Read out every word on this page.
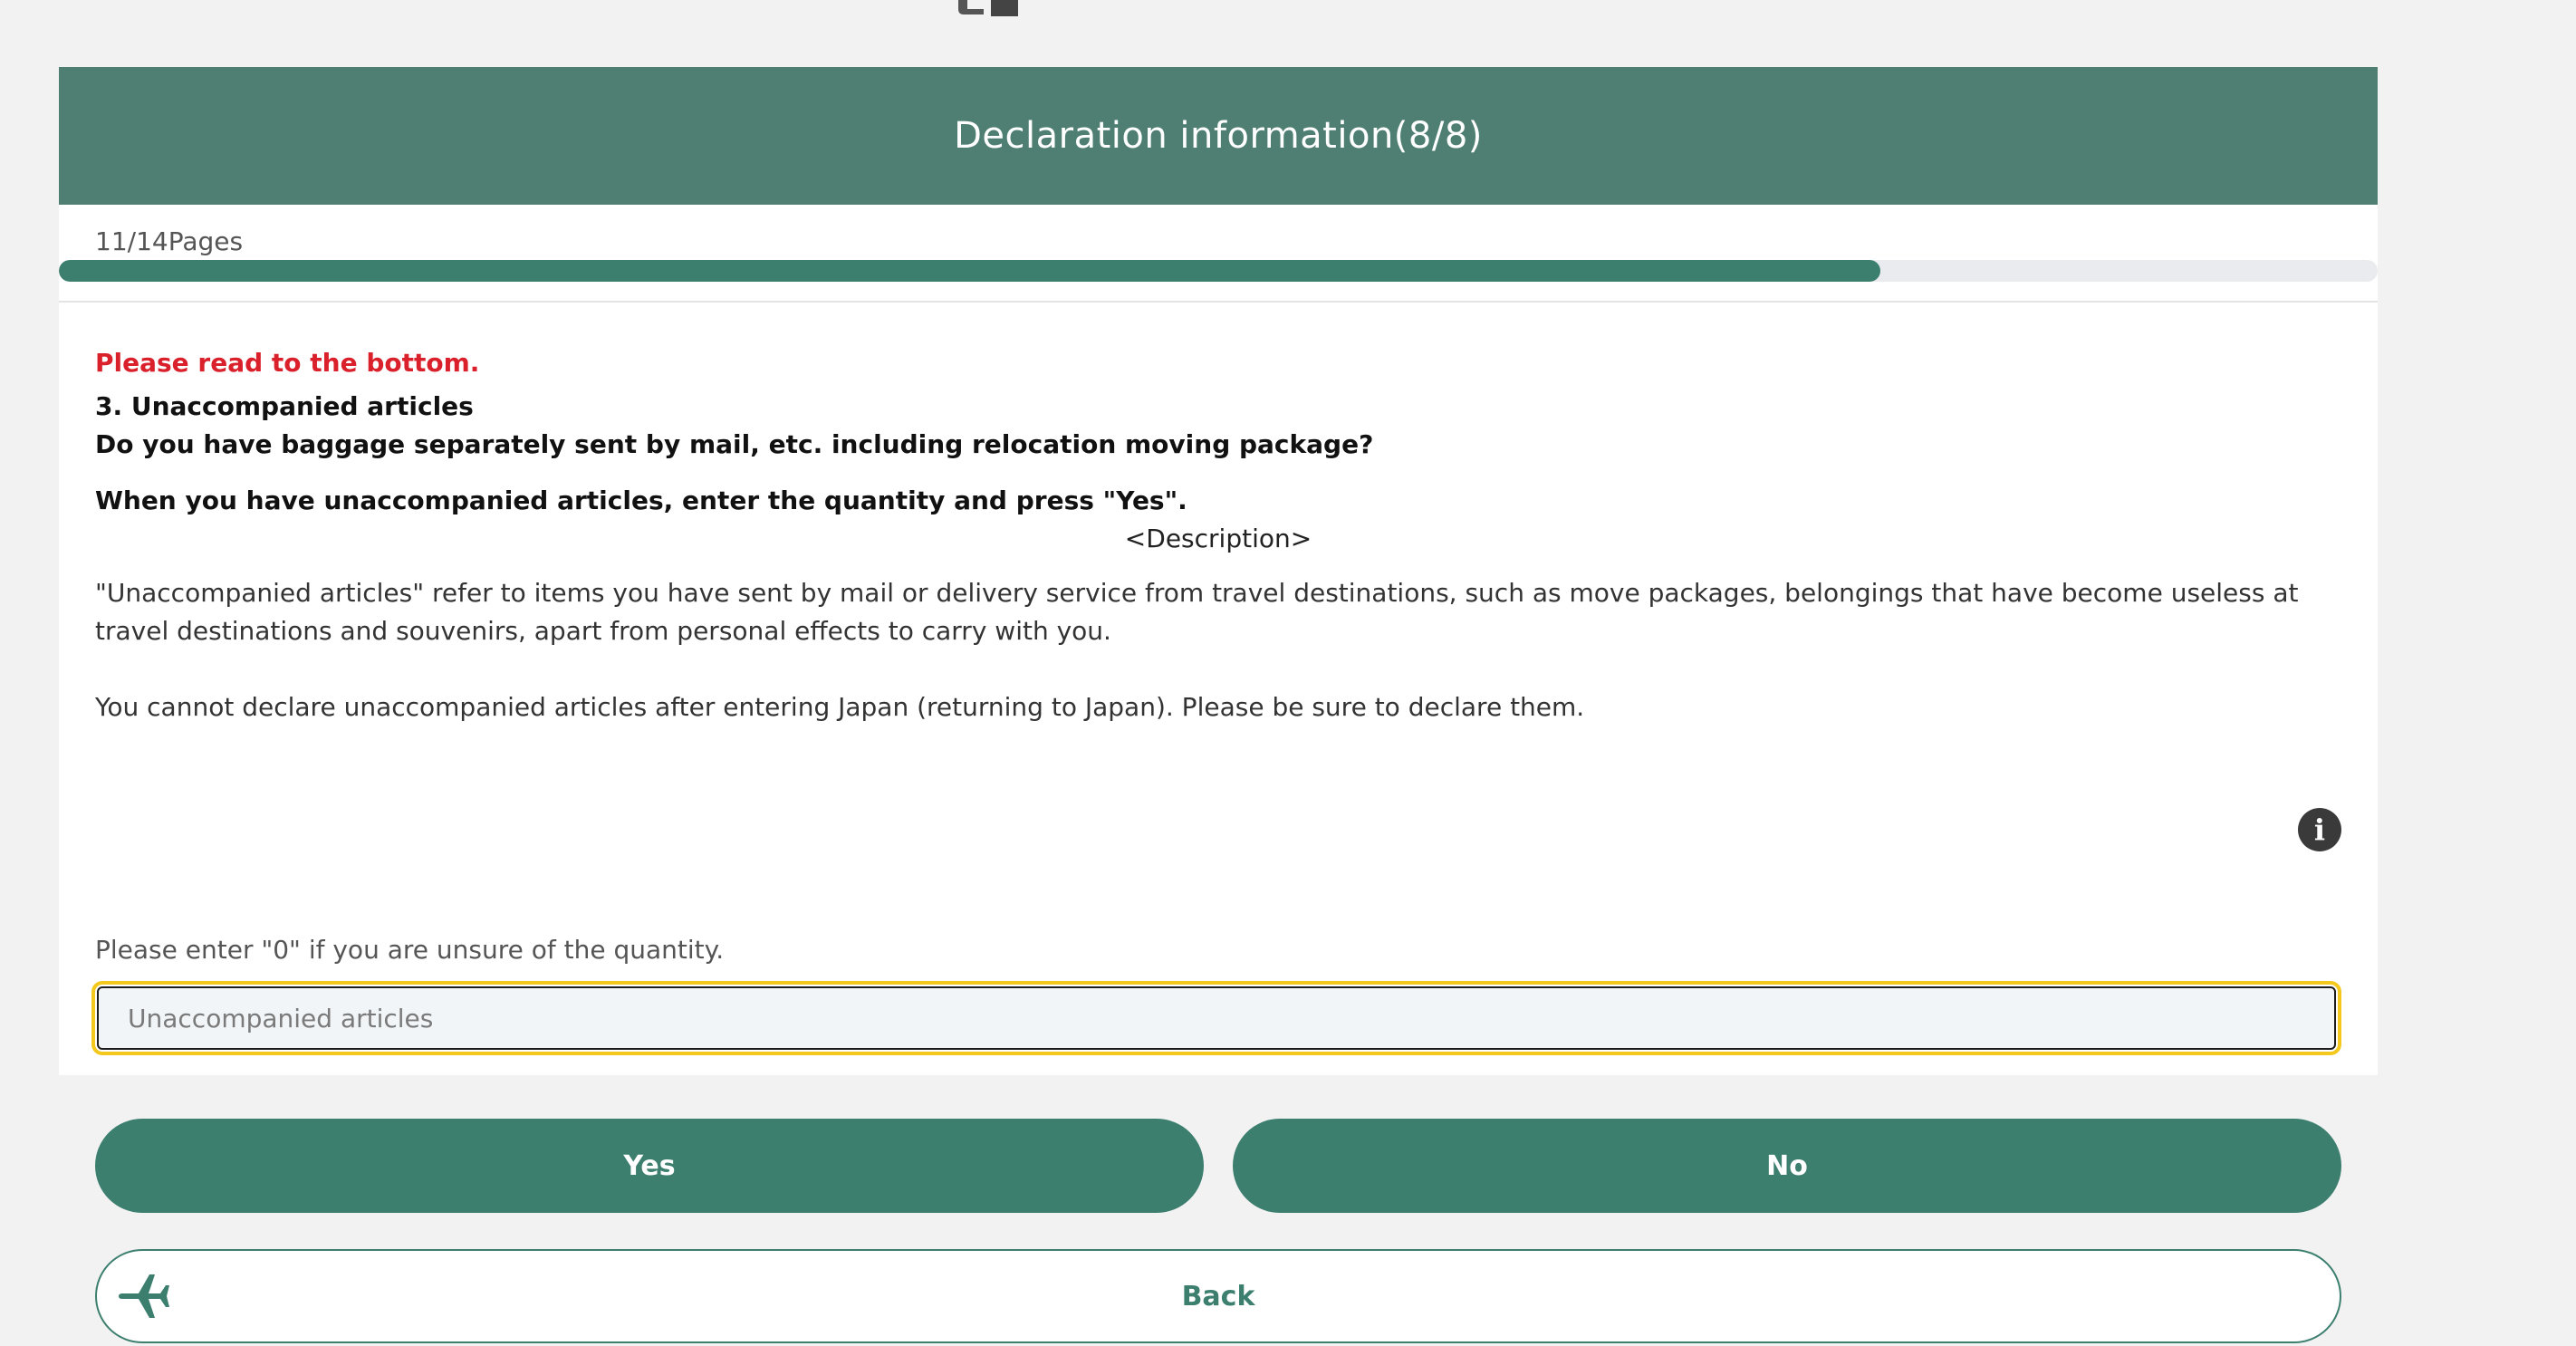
Declaration information(8/8)
11/14Pages
Please read to the bottom.
3. Unaccompanied articles
Do you have baggage separately sent by mail, etc. including relocation moving package?
When you have unaccompanied articles, enter the quantity and press "Yes".
<Description>

"Unaccompanied articles" refer to items you have sent by mail or delivery service from travel destinations, such as move packages, belongings that have become useless at travel destinations and souvenirs, apart from personal effects to carry with you.

You cannot declare unaccompanied articles after entering Japan (returning to Japan). Please be sure to declare them.

i
Please enter "0" if you are unsure of the quantity.
Unaccompanied articles
Yes	No
Back
